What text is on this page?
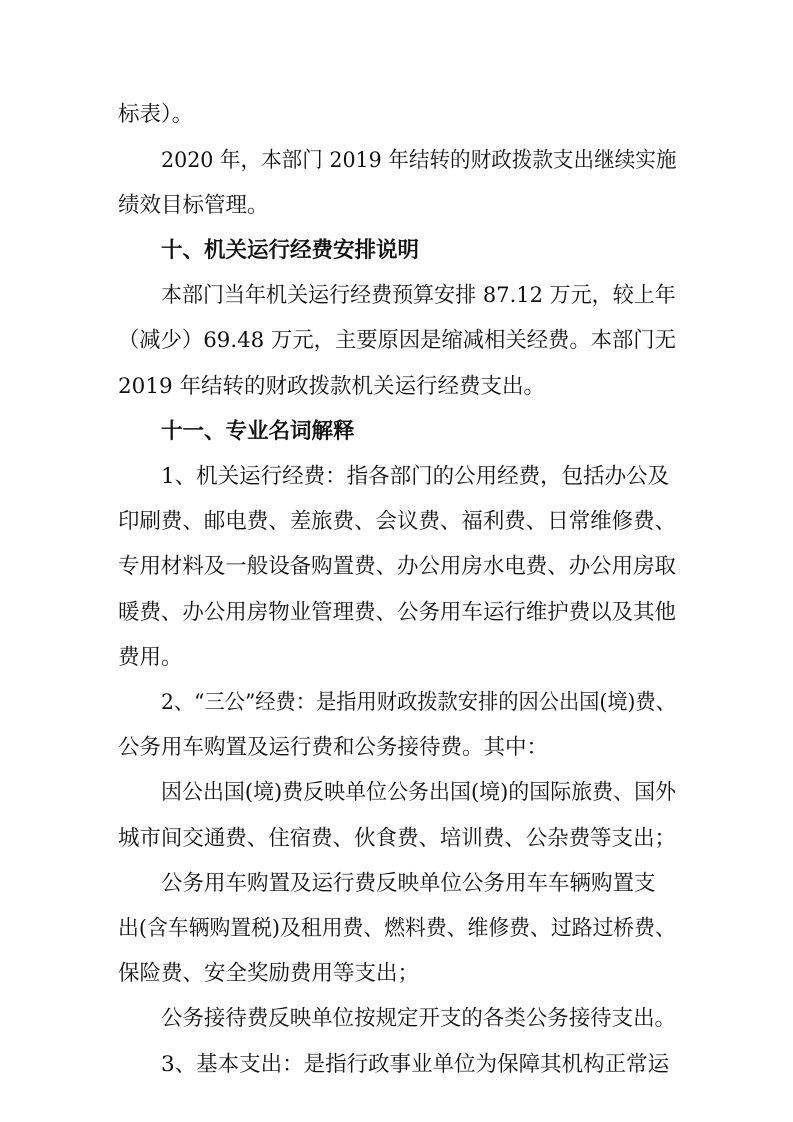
标表）。

2020 年，本部门 2019 年结转的财政拨款支出继续实施

绩效目标管理。

十、机关运行经费安排说明

本部门当年机关运行经费预算安排 87.12 万元，较上年

（减少）69.48 万元，主要原因是缩减相关经费。本部门无

2019 年结转的财政拨款机关运行经费支出。

十一、专业名词解释

1、机关运行经费：指各部门的公用经费，包括办公及

印刷费、邮电费、差旅费、会议费、福利费、日常维修费、

专用材料及一般设备购置费、办公用房水电费、办公用房取

暖费、办公用房物业管理费、公务用车运行维护费以及其他

费用。

2、“三公”经费：是指用财政拨款安排的因公出国(境)费、

公务用车购置及运行费和公务接待费。其中：

因公出国(境)费反映单位公务出国(境)的国际旅费、国外

城市间交通费、住宿费、伙食费、培训费、公杂费等支出；

公务用车购置及运行费反映单位公务用车车辆购置支

出(含车辆购置税)及租用费、燃料费、维修费、过路过桥费、

保险费、安全奖励费用等支出；

公务接待费反映单位按规定开支的各类公务接待支出。

3、基本支出：是指行政事业单位为保障其机构正常运
